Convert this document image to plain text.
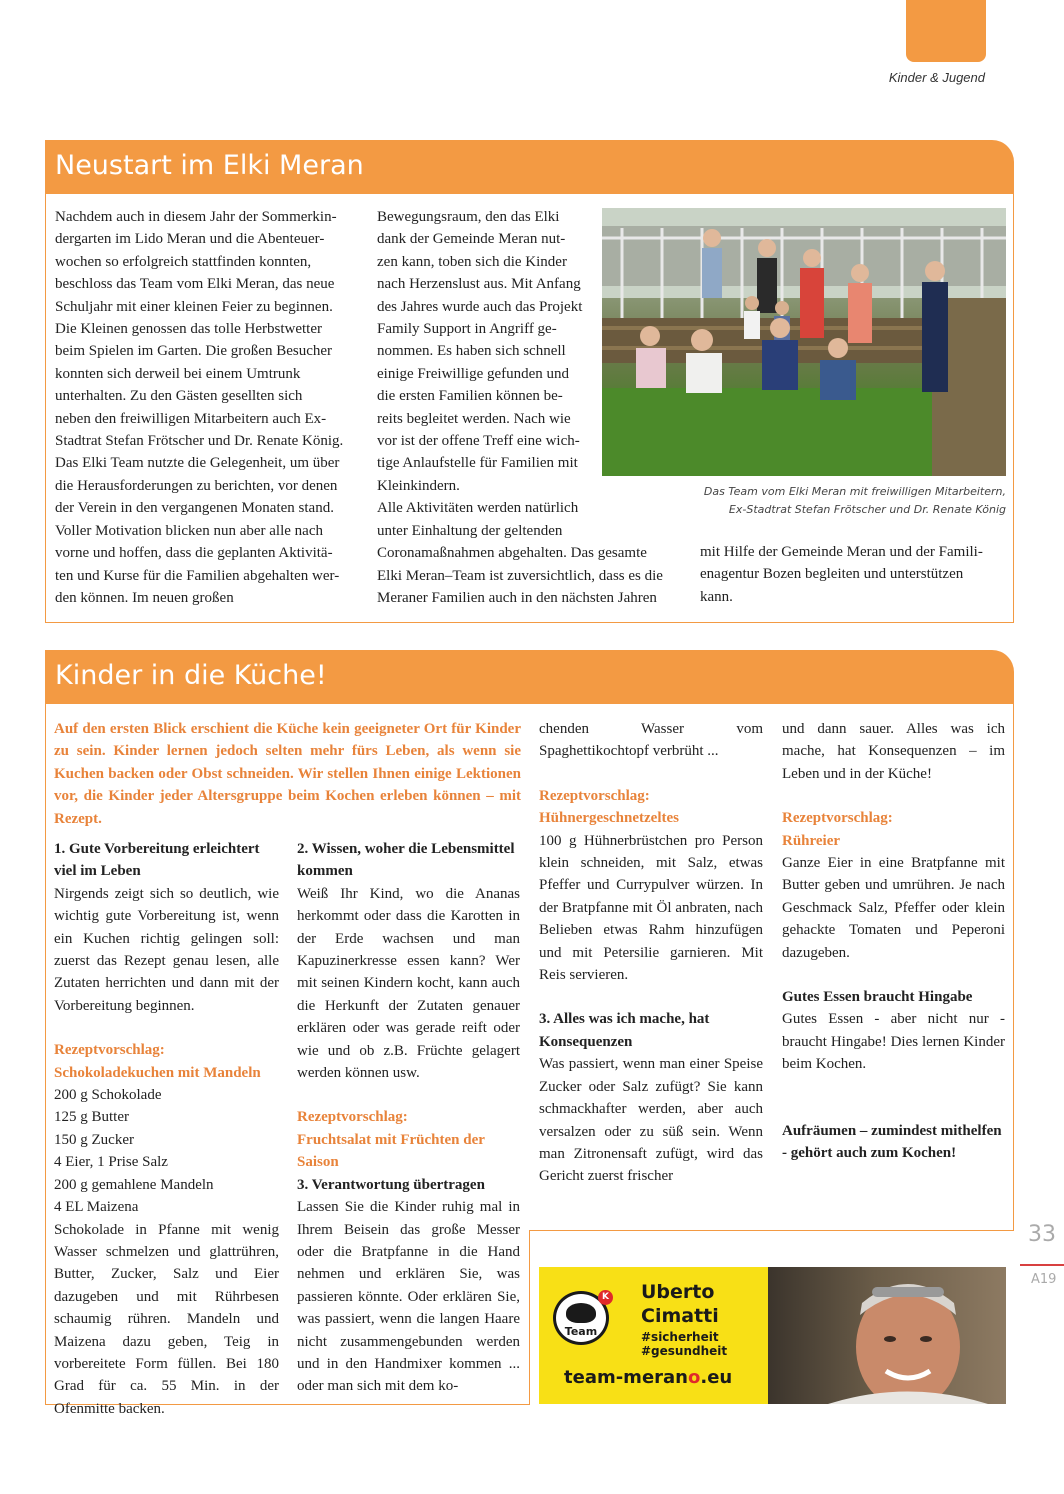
Kinder & Jugend
Neustart im Elki Meran
Nachdem auch in diesem Jahr der Sommerkin-
dergarten im Lido Meran und die Abenteuer-
wochen so erfolgreich stattfinden konnten,
beschloss das Team vom Elki Meran, das neue
Schuljahr mit einer kleinen Feier zu beginnen.
Die Kleinen genossen das tolle Herbstwetter
beim Spielen im Garten. Die großen Besucher
konnten sich derweil bei einem Umtrunk
unterhalten. Zu den Gästen gesellten sich
neben den freiwilligen Mitarbeitern auch Ex-
Stadtrat Stefan Frötscher und Dr. Renate König.
Das Elki Team nutzte die Gelegenheit, um über
die Herausforderungen zu berichten, vor denen
der Verein in den vergangenen Monaten stand.
Voller Motivation blicken nun aber alle nach
vorne und hoffen, dass die geplanten Aktivitä-
ten und Kurse für die Familien abgehalten wer-
den können. Im neuen großen
Bewegungsraum, den das Elki
dank der Gemeinde Meran nut-
zen kann, toben sich die Kinder
nach Herzenslust aus. Mit Anfang
des Jahres wurde auch das Projekt
Family Support in Angriff ge-
nommen. Es haben sich schnell
einige Freiwillige gefunden und
die ersten Familien können be-
reits begleitet werden. Nach wie
vor ist der offene Treff eine wich-
tige Anlaufstelle für Familien mit
Kleinkindern.
Alle Aktivitäten werden natürlich
unter Einhaltung der geltenden
Coronamaßnahmen abgehalten. Das gesamte
Elki Meran–Team ist zuversichtlich, dass es die
Meraner Familien auch in den nächsten Jahren
Das Team vom Elki Meran mit freiwilligen Mitarbeitern,
Ex-Stadtrat Stefan Frötscher und Dr. Renate König
mit Hilfe der Gemeinde Meran und der Famili-
enagentur Bozen begleiten und unterstützen
kann.
Kinder in die Küche!
Auf den ersten Blick erschient die Küche kein geeigneter Ort für Kinder zu sein. Kinder lernen jedoch selten mehr fürs Leben, als wenn sie Kuchen backen oder Obst schneiden. Wir stellen Ihnen einige Lektionen vor, die Kinder jeder Altersgruppe beim Kochen erleben können – mit Rezept.

1. Gute Vorbereitung erleichtert viel im Leben

Nirgends zeigt sich so deutlich, wie wichtig gute Vorbereitung ist, wenn ein Kuchen richtig gelingen soll: zuerst das Rezept genau lesen, alle Zutaten herrichten und dann mit der Vorbereitung beginnen.

Rezeptvorschlag:

Schokoladekuchen mit Mandeln

200 g Schokolade

125 g Butter

150 g Zucker

4 Eier, 1 Prise Salz

200 g gemahlene Mandeln

4 EL Maizena

Schokolade in Pfanne mit wenig Wasser schmelzen und glattrühren, Butter, Zucker, Salz und Eier dazugeben und mit Rührbesen schaumig rühren. Mandeln und Maizena dazu geben, Teig in vorbereitete Form füllen. Bei 180 Grad für ca. 55 Min. in der Ofenmitte backen.

2. Wissen, woher die Lebensmittel kommen

Weiß Ihr Kind, wo die Ananas herkommt oder dass die Karotten in der Erde wachsen und man Kapuzinerkresse essen kann? Wer mit seinen Kindern kocht, kann auch die Herkunft der Zutaten genauer erklären oder was gerade reift oder wie und ob z.B. Früchte gelagert werden können usw.

Rezeptvorschlag:

Fruchtsalat mit Früchten der Saison

3. Verantwortung übertragen

Lassen Sie die Kinder ruhig mal in Ihrem Beisein das große Messer oder die Bratpfanne in die Hand nehmen und erklären Sie, was passieren könnte. Oder erklären Sie, was passiert, wenn die langen Haare nicht zusammengebunden werden und in den Handmixer kommen ... oder man sich mit dem ko-

chenden Wasser vom Spaghettikochtopf verbrüht ...

Rezeptvorschlag:

Hühnergeschnetzeltes

100 g Hühnerbrüstchen pro Person klein schneiden, mit Salz, etwas Pfeffer und Currypulver würzen. In der Bratpfanne mit Öl anbraten, nach Belieben etwas Rahm hinzufügen und mit Petersilie garnieren. Mit Reis servieren.

3. Alles was ich mache, hat Konsequenzen

Was passiert, wenn man einer Speise Zucker oder Salz zufügt? Sie kann schmackhafter werden, aber auch versalzen oder zu süß sein. Wenn man Zitronensaft zufügt, wird das Gericht zuerst frischer

und dann sauer. Alles was ich mache, hat Konsequenzen – im Leben und in der Küche!

Rezeptvorschlag:

Rühreier

Ganze Eier in eine Bratpfanne mit Butter geben und umrühren. Je nach Geschmack Salz, Pfeffer oder klein gehackte Tomaten und Peperoni dazugeben.

Gutes Essen braucht Hingabe

Gutes Essen - aber nicht nur - braucht Hingabe! Dies lernen Kinder beim Kochen.

Aufräumen – zumindest mithelfen - gehört auch zum Kochen!

Team
K Uberto
Cimatti
#sicherheit
#gesundheit
team-merano.eu
33
A19
